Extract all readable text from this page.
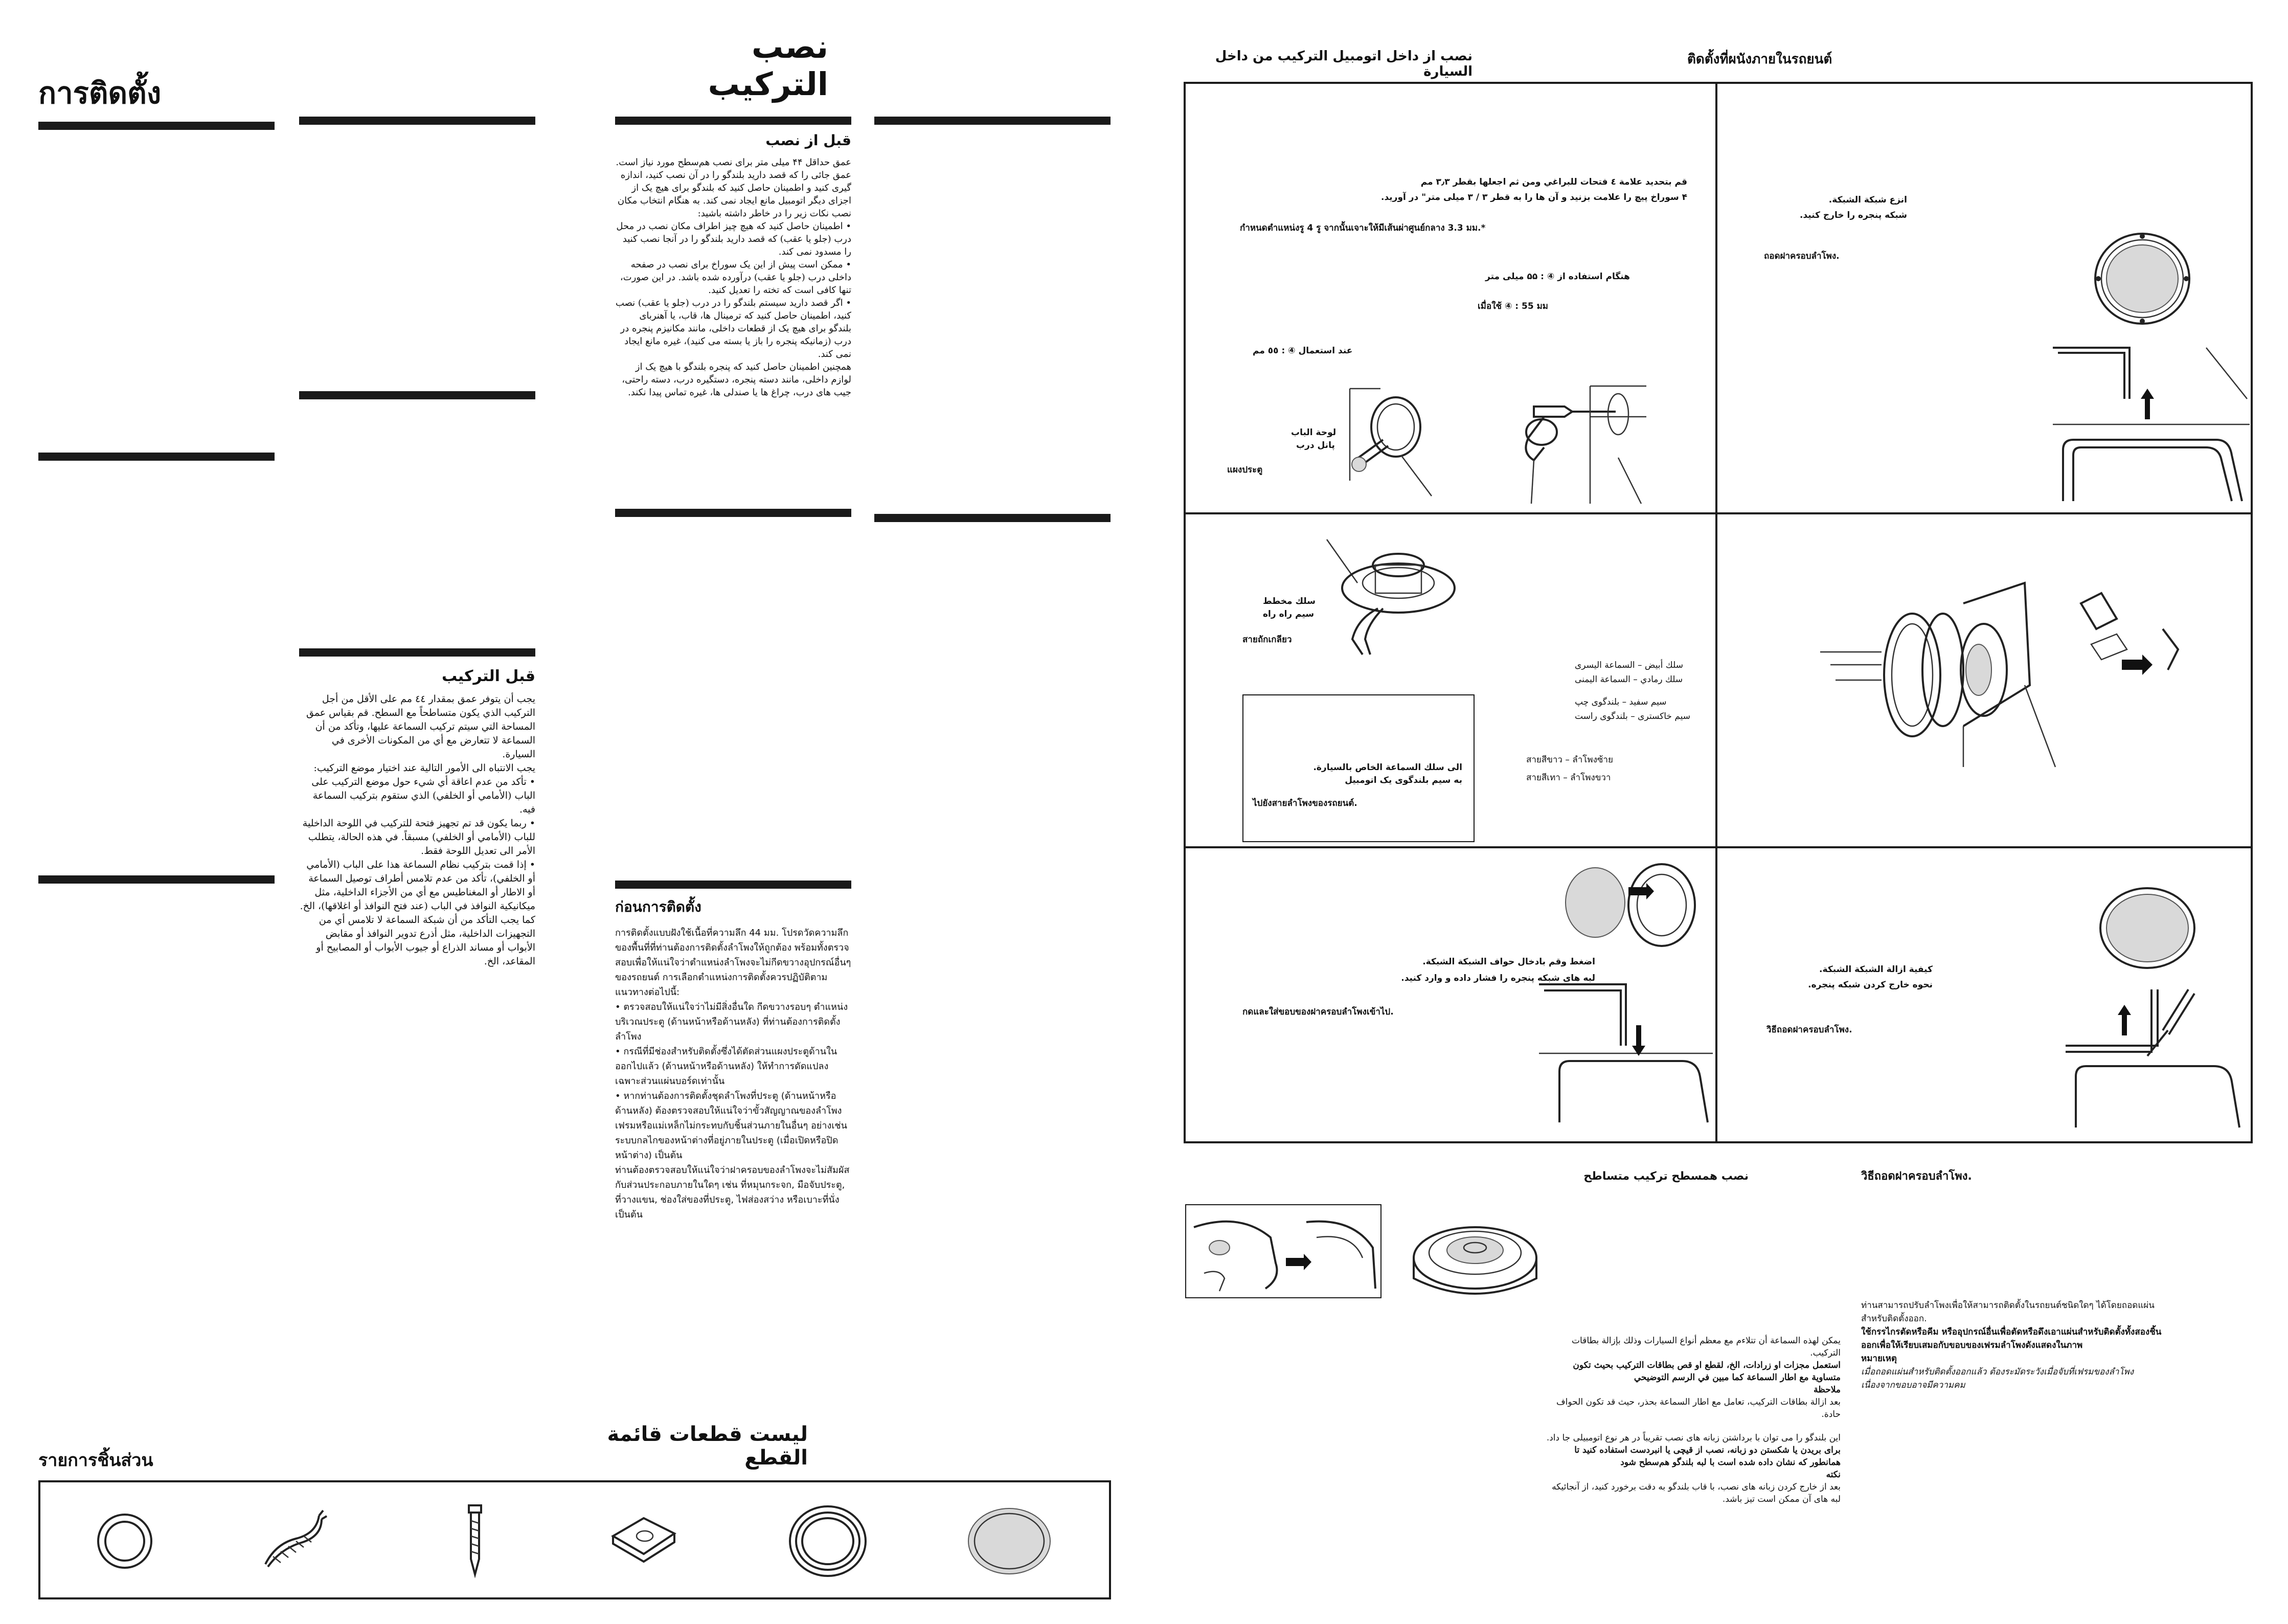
การติดตั้ง
نصب التركيب
قبل از نصب
عمق حداقل ۴۴ میلی متر برای نصب هم‌سطح مورد نیاز است. عمق جائی را که قصد دارید بلندگو را در آن نصب کنید، اندازه گیری کنید و اطمینان حاصل کنید که بلندگو برای هیچ یک از اجزای دیگر اتومبیل مانع ایجاد نمی کند. به هنگام انتخاب مکان نصب نکات زیر را در خاطر داشته باشید:
• اطمینان حاصل کنید که هیچ چیز اطراف مکان نصب در محل درب (جلو یا عقب) که قصد دارید بلندگو را در آنجا نصب کنید را مسدود نمی کند.
• ممکن است پیش از این یک سوراخ برای نصب در صفحه داخلی درب (جلو یا عقب) درآورده شده باشد. در این صورت، تنها کافی است که تخته را تعدیل کنید.
• اگر قصد دارید سیستم بلندگو را در درب (جلو یا عقب) نصب کنید، اطمینان حاصل کنید که ترمینال ها، قاب، یا آهنربای بلندگو برای هیچ یک از قطعات داخلی، مانند مکانیزم پنجره در درب (زمانیکه پنجره را باز یا بسته می کنید)، غیره مانع ایجاد نمی کند.
همچنین اطمینان حاصل کنید که پنجره بلندگو با هیچ یک از لوازم داخلی، مانند دسته پنجره، دستگیره درب، دسته راحتی، جیب های درب، چراغ ها یا صندلی ها، غیره تماس پیدا نکند.
قبل التركيب
يجب أن يتوفر عمق بمقدار ٤٤ مم على الأقل من أجل التركيب الذي يكون متساطحاً مع السطح. قم بقياس عمق المساحة التي سيتم تركيب السماعة عليها، وتأكد من أن السماعة لا تتعارض مع أي من المكونات الأخرى في السيارة.
يجب الانتباه الى الأمور التالية عند اختيار موضع التركيب:
• تأكد من عدم اعاقة أي شيء حول موضع التركيب على الباب (الأمامي أو الخلفي) الذي ستقوم بتركيب السماعة فيه.
• ربما يكون قد تم تجهيز فتحة للتركيب في اللوحة الداخلية للباب (الأمامي أو الخلفي) مسبقاً. في هذه الحالة، يتطلب الأمر الى تعديل اللوحة فقط.
• إذا قمت بتركيب نظام السماعة هذا على الباب (الأمامي أو الخلفي)، تأكد من عدم تلامس أطراف توصيل السماعة أو الاطار أو المغناطيس مع أي من الأجزاء الداخلية، مثل ميكانيكية النوافذ في الباب (عند فتح النوافذ أو اغلاقها)، الخ.
كما يجب التأكد من أن شبكة السماعة لا تلامس أي من التجهيزات الداخلية، مثل أذرع تدوير النوافذ أو مقابض الأبواب أو مساند الذراع أو جيوب الأبواب أو المصابيح أو المقاعد، الخ.
ก่อนการติดตั้ง
การติดตั้งแบบฝังใช้เนื้อที่ความลึก 44 มม. โปรดวัดความลึกของพื้นที่ที่ท่านต้องการติดตั้งลำโพงให้ถูกต้อง พร้อมทั้งตรวจสอบเพื่อให้แน่ใจว่าตำแหน่งลำโพงจะไม่กีดขวางอุปกรณ์อื่นๆ ของรถยนต์ การเลือกตำแหน่งการติดตั้งควรปฏิบัติตามแนวทางต่อไปนี้:
• ตรวจสอบให้แน่ใจว่าไม่มีสิ่งอื่นใด กีดขวางรอบๆ ตำแหน่งบริเวณประตู (ด้านหน้าหรือด้านหลัง) ที่ท่านต้องการติดตั้งลำโพง
• กรณีที่มีช่องสำหรับติดตั้งซึ่งได้ตัดส่วนแผงประตูด้านในออกไปแล้ว (ด้านหน้าหรือด้านหลัง) ให้ทำการดัดแปลงเฉพาะส่วนแผ่นบอร์ดเท่านั้น
• หากท่านต้องการติดตั้งชุดลำโพงที่ประตู (ด้านหน้าหรือด้านหลัง) ต้องตรวจสอบให้แน่ใจว่าขั้วสัญญาณของลำโพง เฟรมหรือแม่เหล็กไม่กระทบกับชิ้นส่วนภายในอื่นๆ อย่างเช่น ระบบกลไกของหน้าต่างที่อยู่ภายในประตู (เมื่อเปิดหรือปิดหน้าต่าง) เป็นต้น
ท่านต้องตรวจสอบให้แน่ใจว่าฝาครอบของลำโพงจะไม่สัมผัสกับส่วนประกอบภายในใดๆ เช่น ที่หมุนกระจก, มือจับประตู, ที่วางแขน, ช่องใส่ของที่ประตู, ไฟส่องสว่าง หรือเบาะที่นั่ง เป็นต้น
รายการชิ้นส่วน
ليست قطعات قائمة القطع
نصب از داخل اتومبیل التركيب من داخل السيارة
ติดตั้งที่ผนังภายในรถยนต์
قم بتحديد علامة ٤ فتحات للبراغي ومن ثم اجعلها بقطر ٣٫٣ مم
۴ سوراخ پیچ را علامت بزنید و آن ها را به قطر ۳ / ۳ میلی متر" در آورید.
กำหนดตำแหน่งรู 4 รู จากนั้นเจาะให้มีเส้นผ่าศูนย์กลาง 3.3 มม.*
هنگام استفاده از ④ : ۵۵ میلی متر
เมื่อใช้ ④ : 55 มม
عند استعمال ④ : ٥٥ مم
لوحة الباب
پانل درب
แผงประตู
انزع شبكة الشبكة.
شبكه پنجره را خارج كنيد.
ถอดฝาครอบลำโพง.
سلك مخطط
سیم راه راه
สายถักเกลียว
سلك أبيض – السماعة اليسرى
سلك رمادي – السماعة اليمنى
سیم سفید – بلندگوی چپ
سیم خاکستری – بلندگوی راست
สายสีขาว – ลำโพงซ้าย
สายสีเทา – ลำโพงขวา
الى سلك السماعة الخاص بالسيارة.
به سیم بلندگوی یک اتومبیل
ไปยังสายลำโพงของรถยนต์.
اضغط وقم بادخال حواف الشبكة الشبكة.
لبه های شبکه پنجره را فشار داده و وارد کنید.
กดและใส่ขอบของฝาครอบลำโพงเข้าไป.
كيفية ازالة الشبكة الشبكة.
نحوه خارج کردن شبکه پنجره.
วิธีถอดฝาครอบลำโพง.
نصب همسطح تركيب متساطح	วิธีถอดฝาครอบลำโพง.
يمكن لهذه السماعة أن تتلاءم مع معظم أنواع السيارات وذلك بإزالة بطاقات التركيب.
استعمل مجزات او زرادات، الخ، لقطع او قص بطاقات التركيب بحيث تكون متساوية مع اطار السماعة كما مبين في الرسم التوضيحي
ملاحظة
بعد ازالة بطاقات التركيب، تعامل مع اطار السماعة بحذر، حيث قد تكون الحواف حادة.
این بلندگو را می توان با برداشتن زبانه های نصب تقریباً در هر نوع اتومبیلی جا داد.
برای بریدن یا شکستن دو زبانه، نصب از قیچی یا انبردست استفاده کنید تا همانطور که نشان داده شده است با لبه بلندگو هم‌سطح شود
نکته
بعد از خارج کردن زبانه های نصب، با قاب بلندگو به دقت برخورد کنید، از آنجائیکه لبه های آن ممکن است تیز باشد.
ท่านสามารถปรับลำโพงเพื่อให้สามารถติดตั้งในรถยนต์ชนิดใดๆ ได้โดยถอดแผ่นสำหรับติดตั้งออก.
ใช้กรรไกรตัดหรือคีม หรืออุปกรณ์อื่นเพื่อตัดหรือดึงเอาแผ่นสำหรับติดตั้งทั้งสองชิ้นออกเพื่อให้เรียบเสมอกับขอบของเฟรมลำโพงดังแสดงในภาพ
หมายเหตุ
เมื่อถอดแผ่นสำหรับติดตั้งออกแล้ว ต้องระมัดระวังเมื่อจับที่เฟรมของลำโพง เนื่องจากขอบอาจมีความคม
